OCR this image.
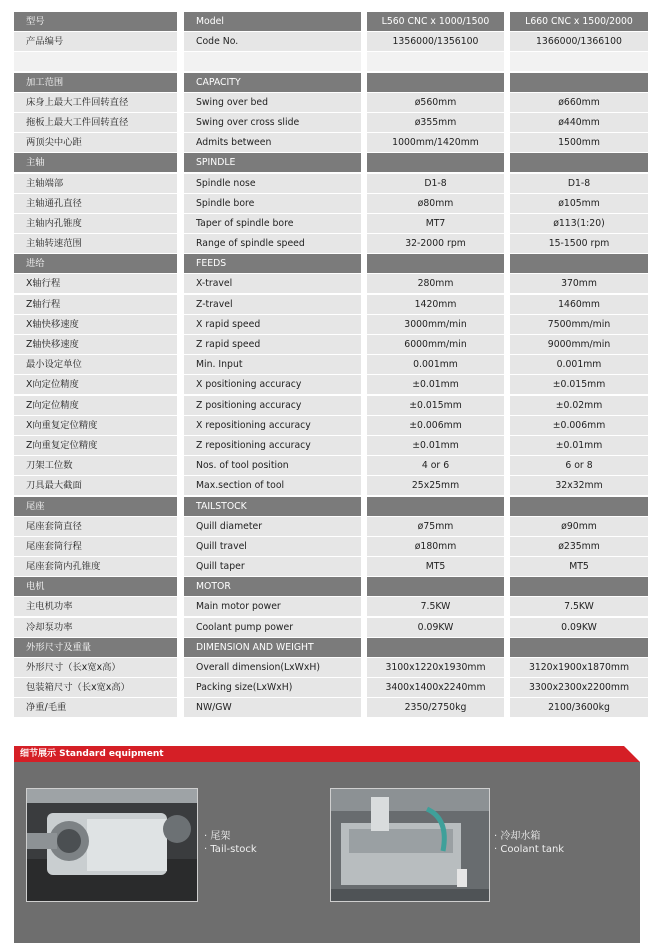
型号	Model	L560 CNC x 1000/1500	L660 CNC x 1500/2000
产品编号	Code No.	1356000/1356100	1366000/1366100
加工范围	CAPACITY
床身上最大工件回转直径	Swing over bed	ø560mm	ø660mm
拖板上最大工件回转直径	Swing over cross slide	ø355mm	ø440mm
两顶尖中心距	Admits between	1000mm/1420mm	1500mm
主轴	SPINDLE
主轴端部	Spindle nose	D1-8	D1-8
主轴通孔直径	Spindle bore	ø80mm	ø105mm
主轴内孔锥度	Taper of spindle bore	MT7	ø113(1:20)
主轴转速范围	Range of spindle speed	32-2000 rpm	15-1500 rpm
进给	FEEDS
X轴行程	X-travel	280mm	370mm
Z轴行程	Z-travel	1420mm	1460mm
X轴快移速度	X rapid speed	3000mm/min	7500mm/min
Z轴快移速度	Z rapid speed	6000mm/min	9000mm/min
最小设定单位	Min. Input	0.001mm	0.001mm
X向定位精度	X positioning accuracy	±0.01mm	±0.015mm
Z向定位精度	Z positioning accuracy	±0.015mm	±0.02mm
X向重复定位精度	X repositioning accuracy	±0.006mm	±0.006mm
Z向重复定位精度	Z repositioning accuracy	±0.01mm	±0.01mm
刀架工位数	Nos. of tool position	4 or 6	6 or 8
刀具最大截面	Max.section of tool	25x25mm	32x32mm
尾座	TAILSTOCK
尾座套筒直径	Quill diameter	ø75mm	ø90mm
尾座套筒行程	Quill travel	ø180mm	ø235mm
尾座套筒内孔锥度	Quill taper	MT5	MT5
电机	MOTOR
主电机功率	Main motor power	7.5KW	7.5KW
冷却泵功率	Coolant pump power	0.09KW	0.09KW
外形尺寸及重量	DIMENSION AND WEIGHT
外形尺寸（长x宽x高）	Overall dimension(LxWxH)	3100x1220x1930mm	3120x1900x1870mm
包装箱尺寸（长x宽x高）	Packing size(LxWxH)	3400x1400x2240mm	3300x2300x2200mm
净重/毛重	NW/GW	2350/2750kg	2100/3600kg
细节展示 Standard equipment
· 尾架
· Tail-stock
· 冷却水箱
· Coolant tank
